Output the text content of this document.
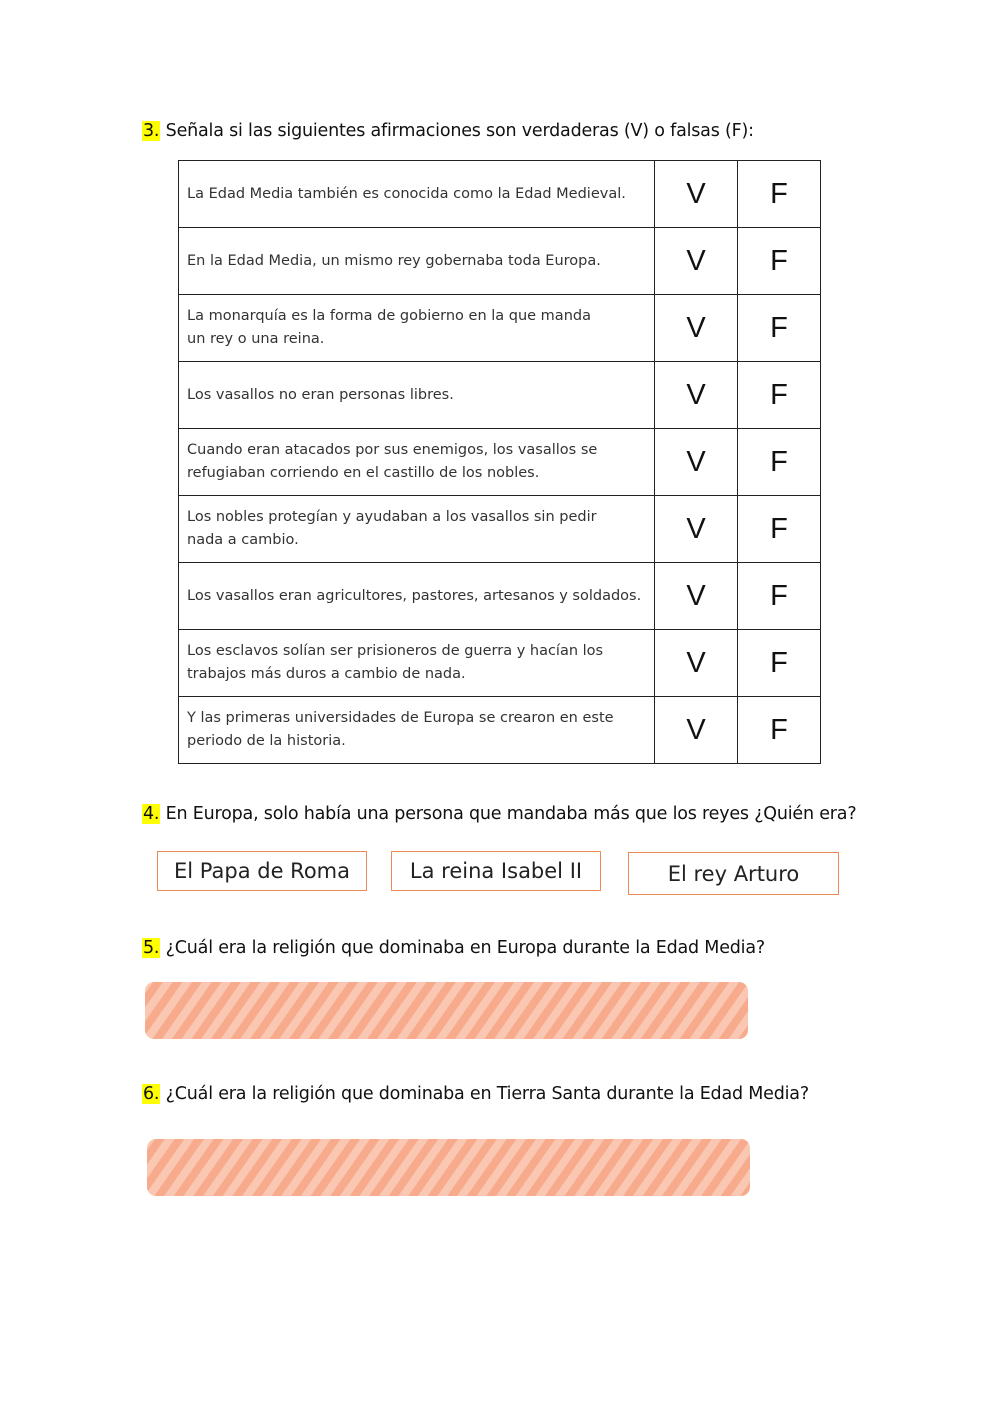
3. Señala si las siguientes afirmaciones son verdaderas (V) o falsas (F):
La Edad Media también es conocida como la Edad Medieval.	V	F

En la Edad Media, un mismo rey gobernaba toda Europa.	V	F

La monarquía es la forma de gobierno en la que manda
un rey o una reina.	V	F

Los vasallos no eran personas libres.	V	F

Cuando eran atacados por sus enemigos, los vasallos se
refugiaban corriendo en el castillo de los nobles.	V	F

Los nobles protegían y ayudaban a los vasallos sin pedir
nada a cambio.	V	F

Los vasallos eran agricultores, pastores, artesanos y soldados.	V	F

Los esclavos solían ser prisioneros de guerra y hacían los
trabajos más duros a cambio de nada.	V	F

Y las primeras universidades de Europa se crearon en este
periodo de la historia.	V	F
4. En Europa, solo había una persona que mandaba más que los reyes ¿Quién era?
El Papa de Roma	La reina Isabel II	El rey Arturo
5. ¿Cuál era la religión que dominaba en Europa durante la Edad Media?
6. ¿Cuál era la religión que dominaba en Tierra Santa durante la Edad Media?
